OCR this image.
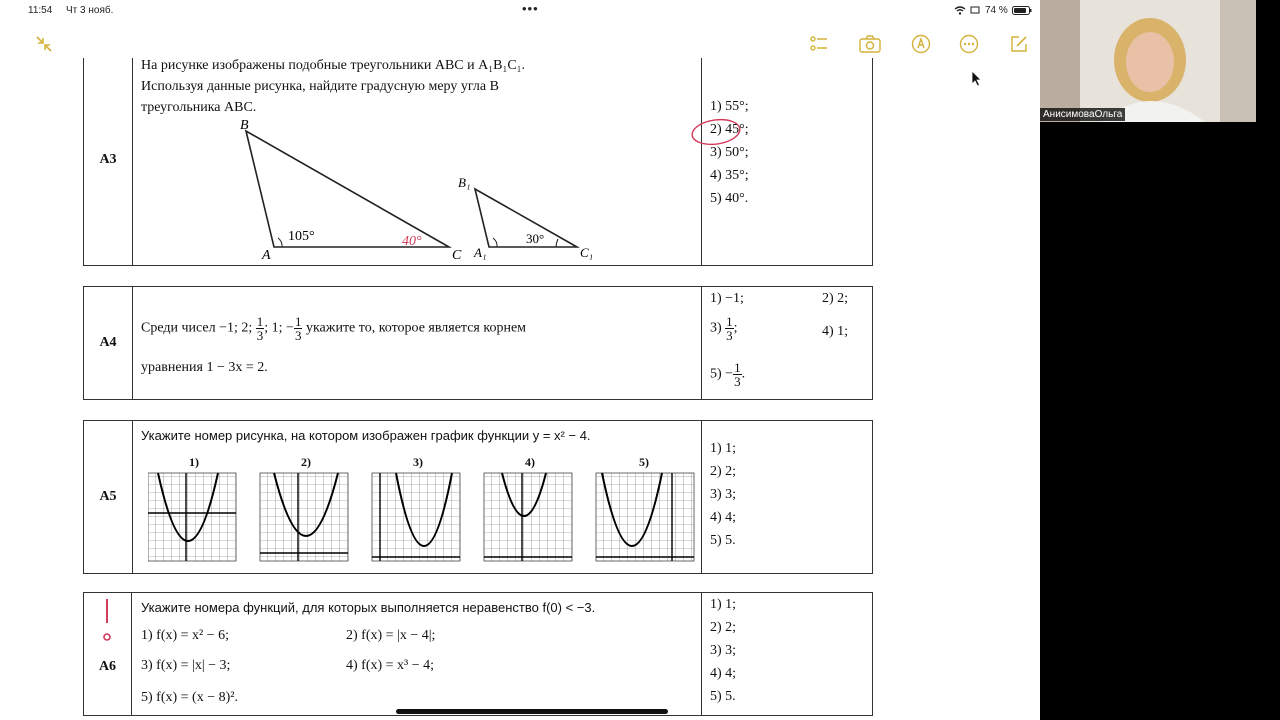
11:54 Чт 3 нояб.	•••	74 %
А3
На рисунке изображены подобные треугольники ABC и A₁B₁C₁.
Используя данные рисунка, найдите градусную меру угла B
треугольника ABC.
B
A	C
105°	40°
B₁
A₁	C₁
30°
1) 55°;
2) 45°;
3) 50°;
4) 35°;
5) 40°.
А4
Среди чисел −1; 2; $\frac{1}{3}$ ; 1; − $\frac{1}{3}$ укажите то, которое является корнем
уравнения 1 − 3x = 2.
1) −1;	2) 2;
$3) \frac{1}{3}$ ;	4) 1;
$5) - \frac{1}{3}$ .
А5
Укажите номер рисунка, на котором изображен график функции y = x² − 4.
1)	2)	3)	4)	5)
1) 1;
2) 2;
3) 3;
4) 4;
5) 5.
А6
Укажите номера функций, для которых выполняется неравенство f(0) < −3.
1) f(x) = x² − 6;	2) f(x) = |x − 4|;
3) f(x) = |x| − 3;	4) f(x) = x³ − 4;
5) f(x) = (x − 8)².
1) 1;
2) 2;
3) 3;
4) 4;
5) 5.
АнисимоваОльга
